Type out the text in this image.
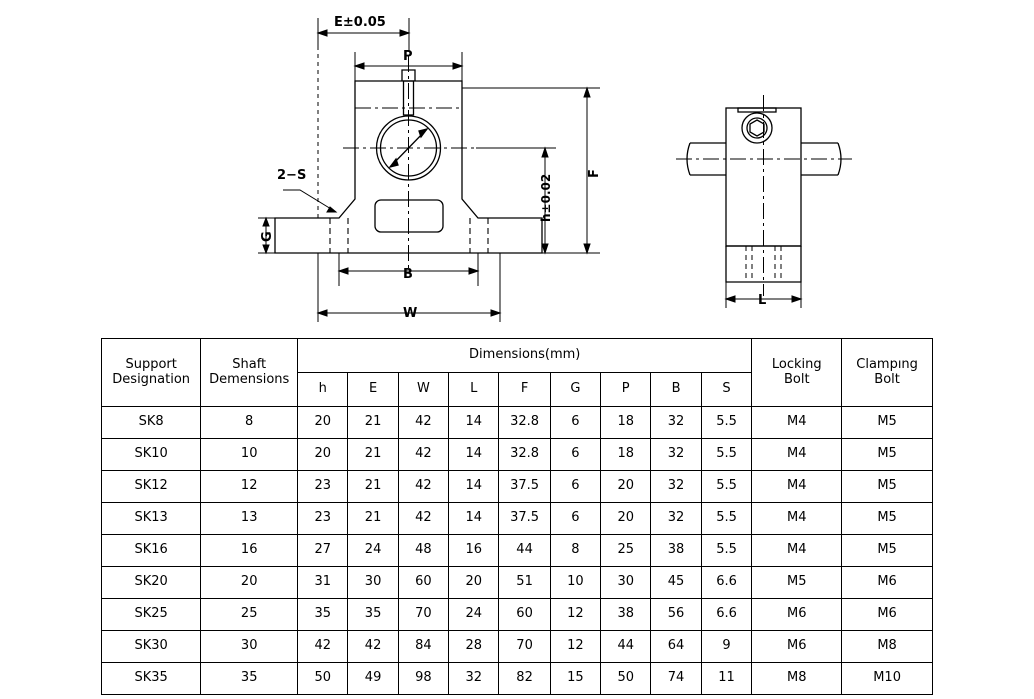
E±0.05
P
F
h±0.02
2−S
G
B
W
L
Support
Designation

Shaft
Demensions
	Dimensions(mm)	
Locking
Bolt

Clampıng
Bolt

		h	E	W	L	F	G	P	B	S		
SK8	8	20	21	42	14	32.8	6	18	32	5.5	M4	M5
SK10	10	20	21	42	14	32.8	6	18	32	5.5	M4	M5
SK12	12	23	21	42	14	37.5	6	20	32	5.5	M4	M5
SK13	13	23	21	42	14	37.5	6	20	32	5.5	M4	M5
SK16	16	27	24	48	16	44	8	25	38	5.5	M4	M5
SK20	20	31	30	60	20	51	10	30	45	6.6	M5	M6
SK25	25	35	35	70	24	60	12	38	56	6.6	M6	M6
SK30	30	42	42	84	28	70	12	44	64	9	M6	M8
SK35	35	50	49	98	32	82	15	50	74	11	M8	M10
